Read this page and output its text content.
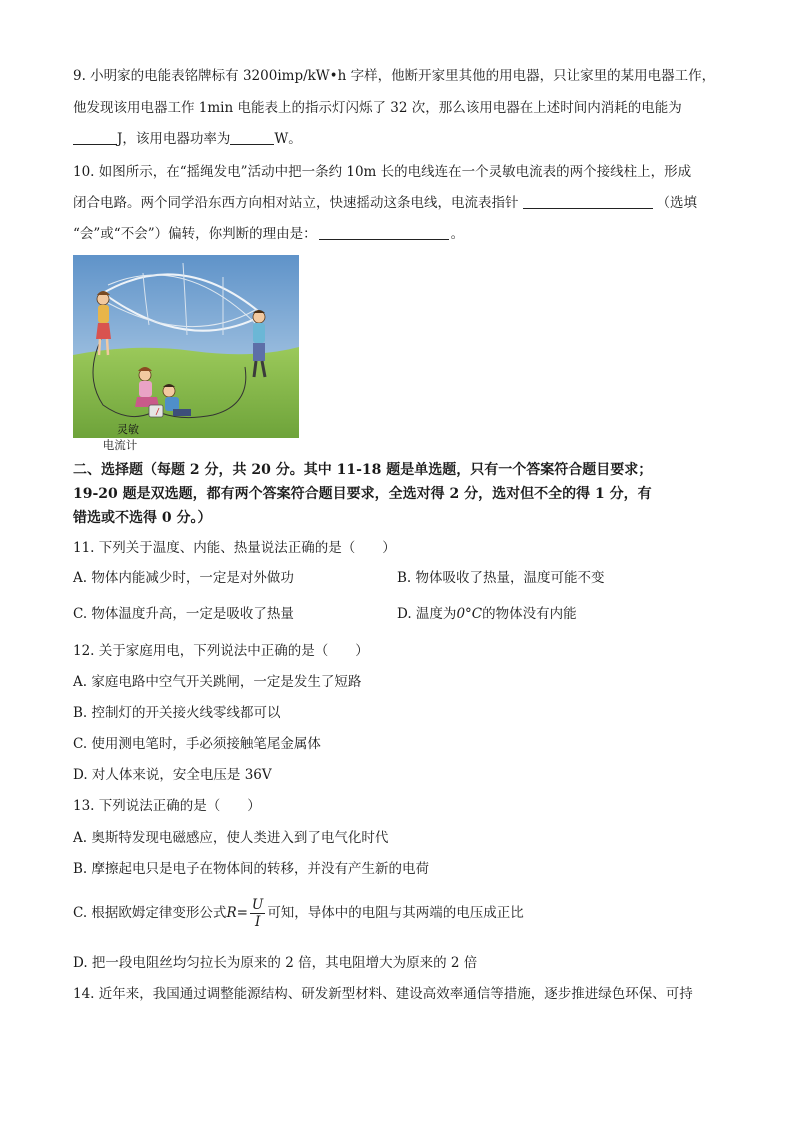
9. 小明家的电能表铭牌标有 3200imp/kW•h 字样，他断开家里其他的用电器，只让家里的某用电器工作，
他发现该用电器工作 1min 电能表上的指示灯闪烁了 32 次，那么该用电器在上述时间内消耗的电能为
J，该用电器功率为	W。
10. 如图所示，在“摇绳发电”活动中把一条约 10m 长的电线连在一个灵敏电流表的两个接线柱上，形成
闭合电路。两个同学沿东西方向相对站立，快速摇动这条电线，电流表指针	（选填
“会”或“不会”）偏转，你判断的理由是：	。
灵敏
电流计
二、选择题（每题 2 分，共 20 分。其中 11-18 题是单选题，只有一个答案符合题目要求；
19-20 题是双选题，都有两个答案符合题目要求，全选对得 2 分，选对但不全的得 1 分，有
错选或不选得 0 分。）
11. 下列关于温度、内能、热量说法正确的是（　　）
A. 物体内能减少时，一定是对外做功	B. 物体吸收了热量，温度可能不变
C. 物体温度升高，一定是吸收了热量	D. 温度为0°C的物体没有内能
12. 关于家庭用电，下列说法中正确的是（　　）
A. 家庭电路中空气开关跳闸，一定是发生了短路
B. 控制灯的开关接火线零线都可以
C. 使用测电笔时，手必须接触笔尾金属体
D. 对人体来说，安全电压是 36V
13. 下列说法正确的是（　　）
A. 奥斯特发现电磁感应，使人类进入到了电气化时代
B. 摩擦起电只是电子在物体间的转移，并没有产生新的电荷
C. 根据欧姆定律变形公式$R= \frac{U}{I}$ 可知，导体中的电阻与其两端的电压成正比
D. 把一段电阻丝均匀拉长为原来的 2 倍，其电阻增大为原来的 2 倍
14. 近年来，我国通过调整能源结构、研发新型材料、建设高效率通信等措施，逐步推进绿色环保、可持
